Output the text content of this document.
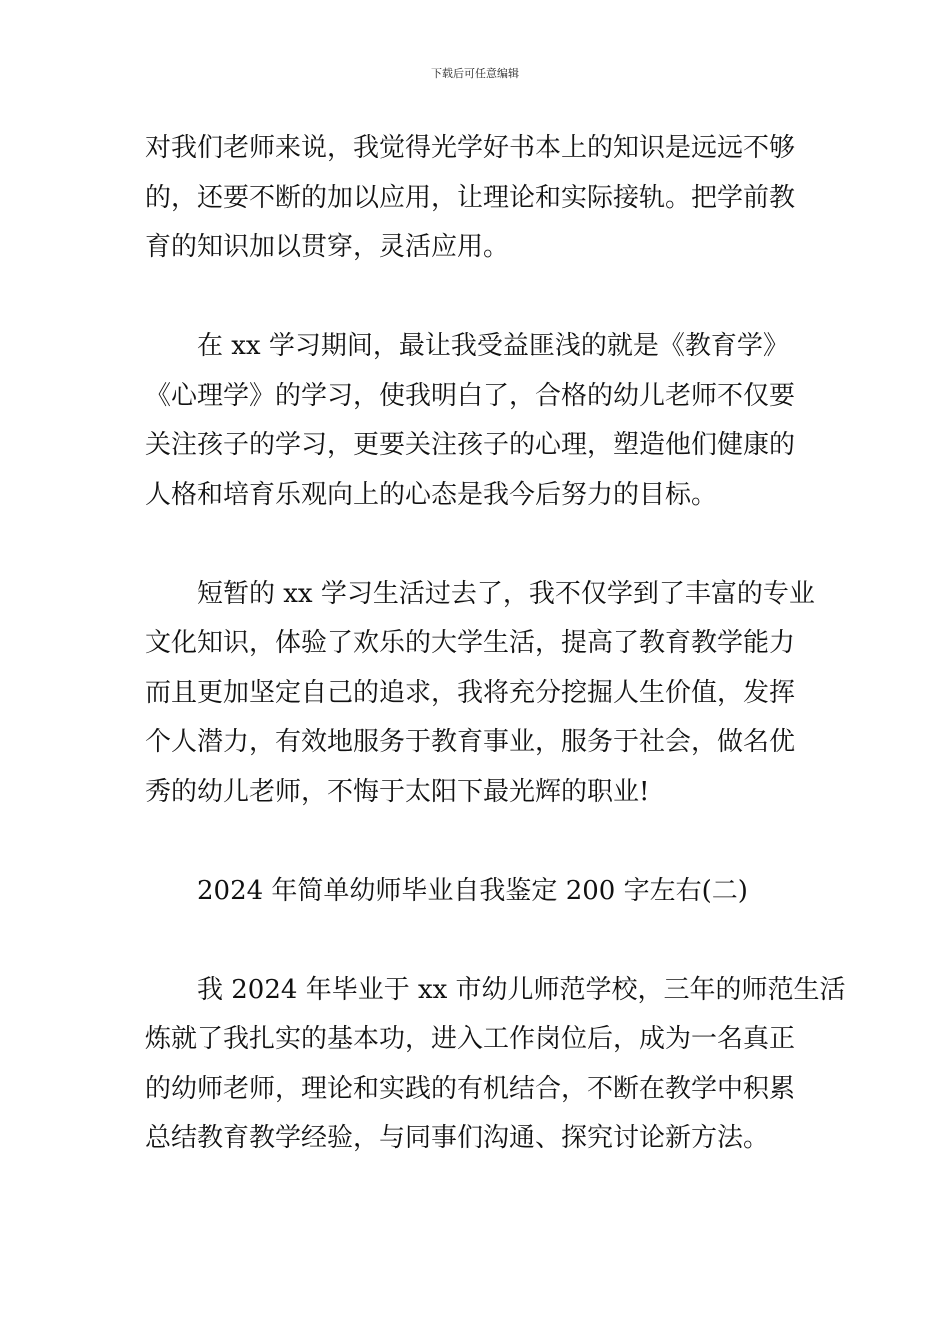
下载后可任意编辑
对我们老师来说，我觉得光学好书本上的知识是远远不够
的，还要不断的加以应用，让理论和实际接轨。把学前教
育的知识加以贯穿，灵活应用。
在 xx 学习期间，最让我受益匪浅的就是《教育学》
《心理学》的学习，使我明白了，合格的幼儿老师不仅要
关注孩子的学习，更要关注孩子的心理，塑造他们健康的
人格和培育乐观向上的心态是我今后努力的目标。
短暂的 xx 学习生活过去了，我不仅学到了丰富的专业
文化知识，体验了欢乐的大学生活，提高了教育教学能力
而且更加坚定自己的追求，我将充分挖掘人生价值，发挥
个人潜力，有效地服务于教育事业，服务于社会，做名优
秀的幼儿老师，不悔于太阳下最光辉的职业!
2024 年简单幼师毕业自我鉴定 200 字左右(二)
我 2024 年毕业于 xx 市幼儿师范学校，三年的师范生活
炼就了我扎实的基本功，进入工作岗位后，成为一名真正
的幼师老师，理论和实践的有机结合，不断在教学中积累
总结教育教学经验，与同事们沟通、探究讨论新方法。
